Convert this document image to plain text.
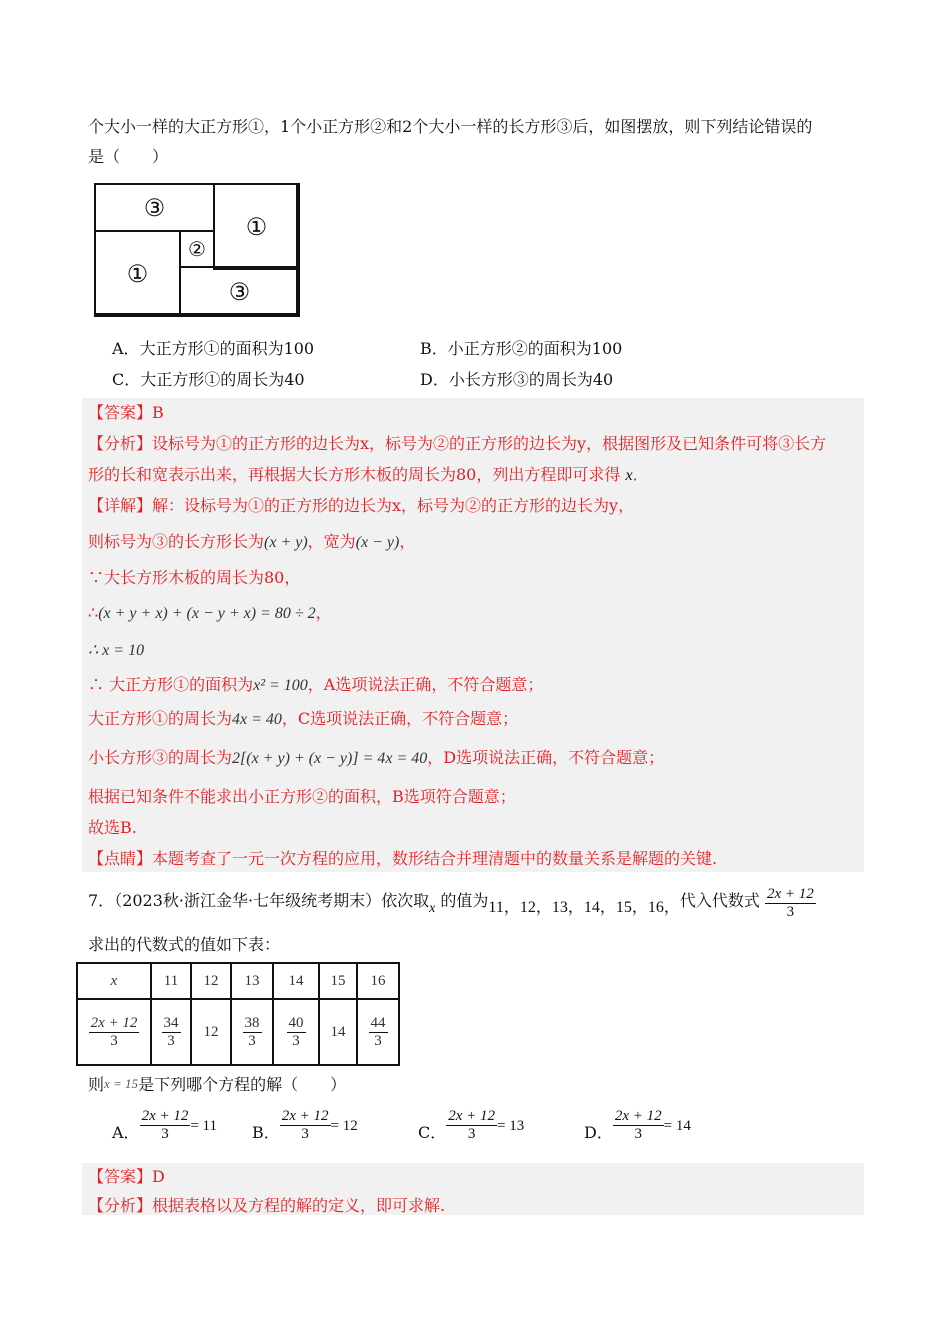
个大小一样的大正方形①，1个小正方形②和2个大小一样的长方形③后，如图摆放，则下列结论错误的
是（　　）
③
①
①
②
③
A．大正方形①的面积为100	B．小正方形②的面积为100
C．大正方形①的周长为40	D．小长方形③的周长为40
【答案】B
【分析】设标号为①的正方形的边长为x，标号为②的正方形的边长为y，根据图形及已知条件可将③长方
形的长和宽表示出来，再根据大长方形木板的周长为80，列出方程即可求得 x．
【详解】解：设标号为①的正方形的边长为x，标号为②的正方形的边长为y，
则标号为③的长方形长为(x + y)，宽为(x − y)，
∵大长方形木板的周长为80，
∴(x + y + x) + (x − y + x) = 80 ÷ 2，
∴ x = 10
∴ 大正方形①的面积为x² = 100，A选项说法正确，不符合题意；
大正方形①的周长为4x = 40，C选项说法正确，不符合题意；
小长方形③的周长为2[(x + y) + (x − y)] = 4x = 40，D选项说法正确，不符合题意；
根据已知条件不能求出小正方形②的面积，B选项符合题意；
故选B.
【点睛】本题考查了一元一次方程的应用，数形结合并理清题中的数量关系是解题的关键.
7．（2023秋·浙江金华·七年级统考期末）依次取x 的值为11，12，13，14，15，16，代入代数式 $\frac{2x + 12}{3}$
求出的代数式的值如下表：
x	11	12	13	14	15	16

$\frac{2x + 12}{3}$	$\frac{34}{3}$	12	$\frac{38}{3}$	$\frac{40}{3}$	14	$\frac{44}{3}$
则x = 15是下列哪个方程的解（　　）
A． $\frac{2x + 12}{3} = 11$ B． $\frac{2x + 12}{3} = 12$	C． $\frac{2x + 12}{3} = 13$	D． $\frac{2x + 12}{3} = 14$
【答案】D
【分析】根据表格以及方程的解的定义，即可求解.
